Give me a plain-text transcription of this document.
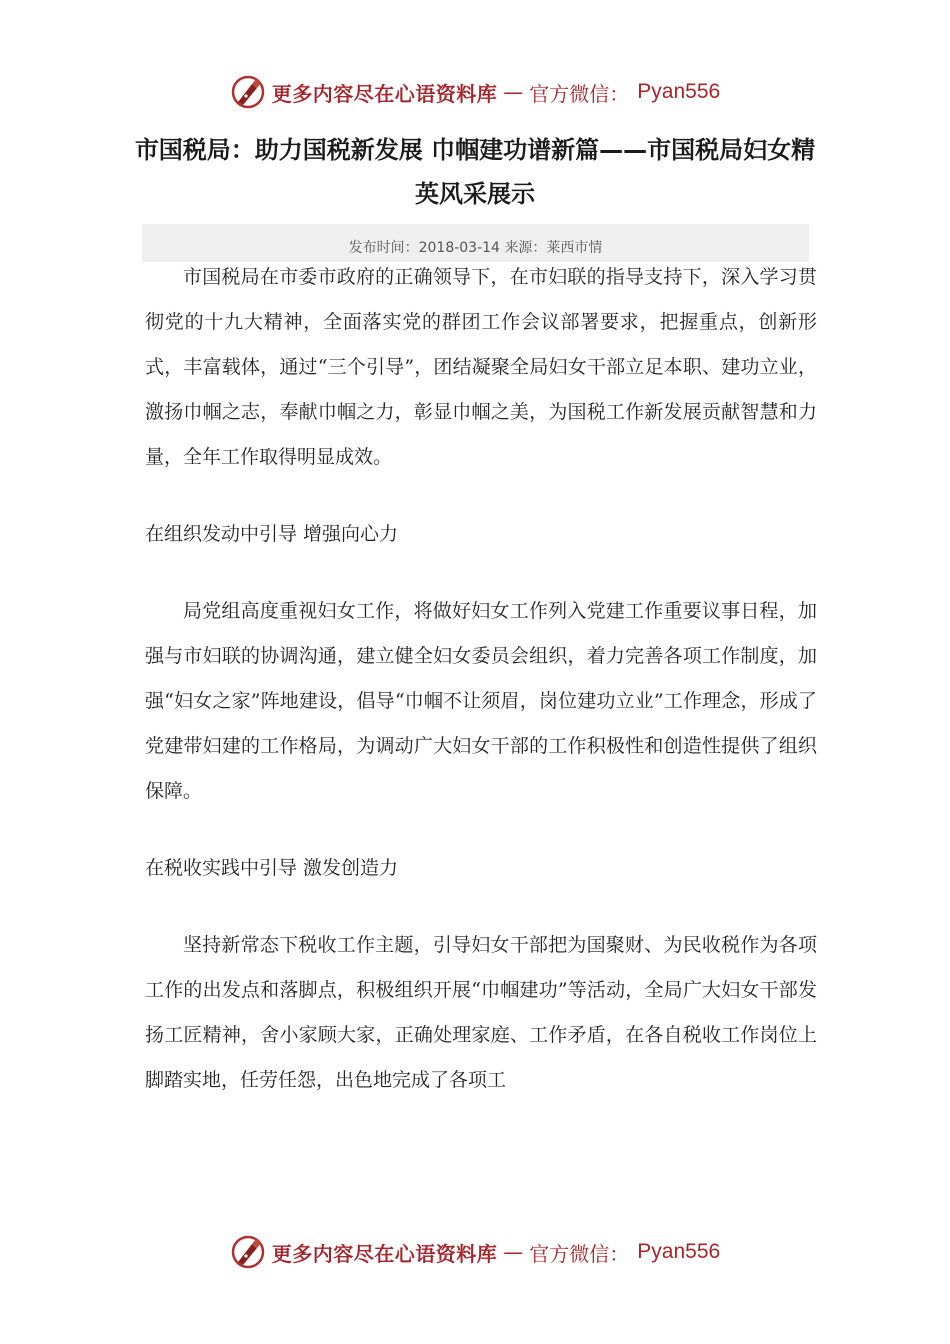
更多内容尽在心语资料库 — 官方微信： Pyan556
市国税局：助力国税新发展 巾帼建功谱新篇——市国税局妇女精英风采展示
发布时间：2018-03-14 来源：莱西市情

市国税局在市委市政府的正确领导下，在市妇联的指导支持下，深入学习贯彻党的十九大精神，全面落实党的群团工作会议部署要求，把握重点，创新形式，丰富载体，通过“三个引导”，团结凝聚全局妇女干部立足本职、建功立业，激扬巾帼之志，奉献巾帼之力，彰显巾帼之美，为国税工作新发展贡献智慧和力量，全年工作取得明显成效。

在组织发动中引导 增强向心力

局党组高度重视妇女工作，将做好妇女工作列入党建工作重要议事日程，加强与市妇联的协调沟通，建立健全妇女委员会组织，着力完善各项工作制度，加强“妇女之家”阵地建设，倡导“巾帼不让须眉，岗位建功立业”工作理念，形成了党建带妇建的工作格局，为调动广大妇女干部的工作积极性和创造性提供了组织保障。

在税收实践中引导 激发创造力

坚持新常态下税收工作主题，引导妇女干部把为国聚财、为民收税作为各项工作的出发点和落脚点，积极组织开展“巾帼建功”等活动，全局广大妇女干部发扬工匠精神，舍小家顾大家，正确处理家庭、工作矛盾，在各自税收工作岗位上脚踏实地，任劳任怨，出色地完成了各项工

更多内容尽在心语资料库 — 官方微信： Pyan556
